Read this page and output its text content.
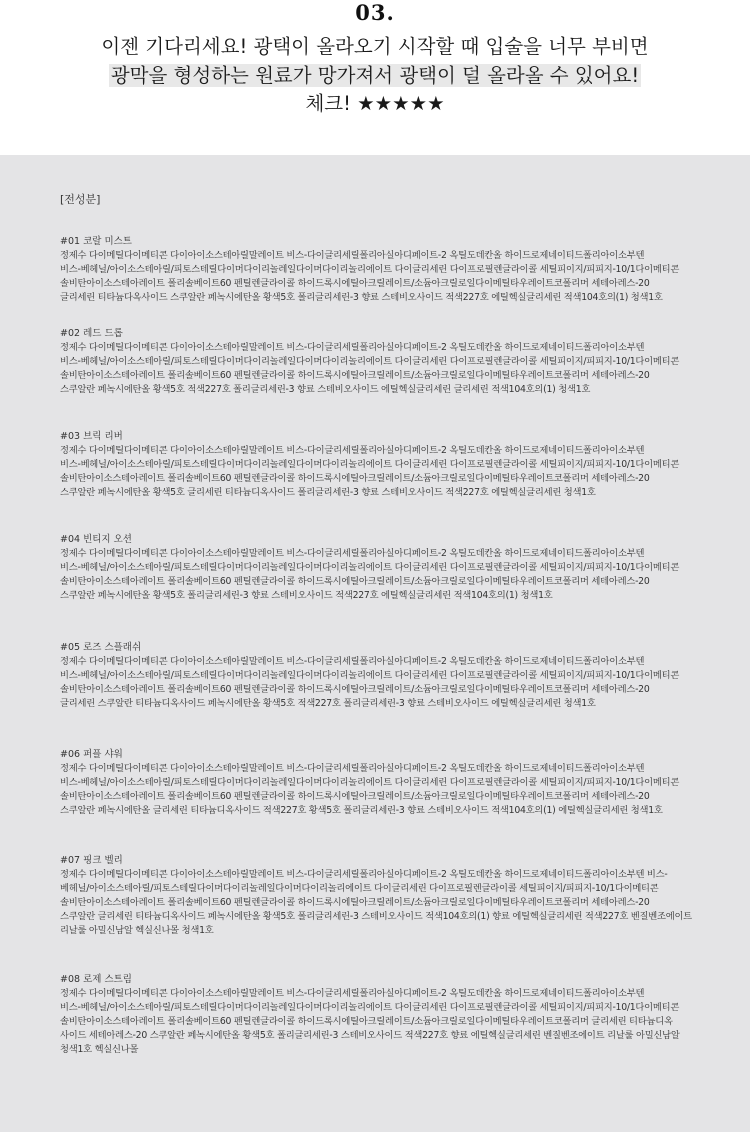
03.
이젠 기다리세요! 광택이 올라오기 시작할 때 입술을 너무 부비면
광막을 형성하는 원료가 망가져서 광택이 덜 올라올 수 있어요!
체크! ★★★★★
[전성분]
#01 코랄 미스트
정제수 다이메틸다이메티콘 다이아이소스테아릴말레이트 비스-다이글리세릴폴리아실아디페이트-2 옥틸도데칸올 하이드로제네이티드폴리아이소부텐
비스-베헤닐/아이소스테아릴/피토스테릴다이머다이리놀레일다이머다이리놀리에이트 다이글리세린 다이프로필렌글라이콜 세틸피이지/피피지-10/1다이메티콘
솔비탄아이소스테아레이트 폴리솔베이트60 펜틸렌글라이콜 하이드록시에틸아크릴레이트/소듐아크릴로일다이메틸타우레이트코폴리머 세테아레스-20
글리세린 티타늄다옥사이드 스쿠알란 페녹시에탄올 황색5호 폴리글리세린-3 향료 스테비오사이드 적색227호 에틸헥실글리세린 적색104호의(1) 청색1호
#02 레드 드롭
정제수 다이메틸다이메티콘 다이아이소스테아릴말레이트 비스-다이글리세릴폴리아실아디페이트-2 옥틸도데칸올 하이드로제네이티드폴리아이소부텐
비스-베헤닐/아이소스테아릴/피토스테릴다이머다이리놀레일다이머다이리놀리에이트 다이글리세린 다이프로필렌글라이콜 세틸피이지/피피지-10/1다이메티콘
솔비탄아이소스테아레이트 폴리솔베이트60 펜틸렌글라이콜 하이드록시에틸아크릴레이트/소듐아크릴로일다이메틸타우레이트코폴리머 세테아레스-20
스쿠알란 페녹시에탄올 황색5호 적색227호 폴리글리세린-3 향료 스테비오사이드 에틸헥실글리세린 글리세린 적색104호의(1) 청색1호
#03 브릭 리버
정제수 다이메틸다이메티콘 다이아이소스테아릴말레이트 비스-다이글리세릴폴리아실아디페이트-2 옥틸도데칸올 하이드로제네이티드폴리아이소부텐
비스-베헤닐/아이소스테아릴/피토스테릴다이머다이리놀레일다이머다이리놀리에이트 다이글리세린 다이프로필렌글라이콜 세틸피이지/피피지-10/1다이메티콘
솔비탄아이소스테아레이트 폴리솔베이트60 펜틸렌글라이콜 하이드록시에틸아크릴레이트/소듐아크릴로일다이메틸타우레이트코폴리머 세테아레스-20
스쿠알란 페녹시에탄올 황색5호 글리세린 티타늄디옥사이드 폴리글리세린-3 향료 스테비오사이드 적색227호 에틸헥실글리세린 청색1호
#04 빈티지 오션
정제수 다이메틸다이메티콘 다이아이소스테아릴말레이트 비스-다이글리세릴폴리아실아디페이트-2 옥틸도데칸올 하이드로제네이티드폴리아이소부텐
비스-베헤닐/아이소스테아릴/피토스테릴다이머다이리놀레일다이머다이리놀리에이트 다이글리세린 다이프로필렌글라이콜 세틸피이지/피피지-10/1다이메티콘
솔비탄아이소스테아레이트 폴리솔베이트60 펜틸렌글라이콜 하이드록시에틸아크릴레이트/소듐아크릴로일다이메틸타우레이트코폴리머 세테아레스-20
스쿠알란 페녹시에탄올 황색5호 폴리글리세린-3 향료 스테비오사이드 적색227호 에틸헥실글리세린 적색104호의(1) 청색1호
#05 로즈 스플래쉬
정제수 다이메틸다이메티콘 다이아이소스테아릴말레이트 비스-다이글리세릴폴리아실아디페이트-2 옥틸도데칸올 하이드로제네이티드폴리아이소부텐
비스-베헤닐/아이소스테아릴/피토스테릴다이머다이리놀레일다이머다이리놀리에이트 다이글리세린 다이프로필렌글라이콜 세틸피이지/피피지-10/1다이메티콘
솔비탄아이소스테아레이트 폴리솔베이트60 펜틸렌글라이콜 하이드록시에틸아크릴레이트/소듐아크릴로일다이메틸타우레이트코폴리머 세테아레스-20
글리세린 스쿠알란 티타늄디옥사이드 페녹시에탄올 황색5호 적색227호 폴리글리세린-3 향료 스테비오사이드 에틸헥실글리세린 청색1호
#06 퍼플 샤워
정제수 다이메틸다이메티콘 다이아이소스테아릴말레이트 비스-다이글리세릴폴리아실아디페이트-2 옥틸도데칸올 하이드로제네이티드폴리아이소부텐
비스-베헤닐/아이소스테아릴/피토스테릴다이머다이리놀레일다이머다이리놀리에이트 다이글리세린 다이프로필렌글라이콜 세틸피이지/피피지-10/1다이메티콘
솔비탄아이소스테아레이트 폴리솔베이트60 펜틸렌글라이콜 하이드록시에틸아크릴레이트/소듐아크릴로일다이메틸타우레이트코폴리머 세테아레스-20
스쿠알란 페녹시에탄올 글리세린 티타늄디옥사이드 적색227호 황색5호 폴리글리세린-3 향료 스테비오사이드 적색104호의(1) 에틸헥실글리세린 청색1호
#07 핑크 벨리
정제수 다이메틸다이메티콘 다이아이소스테아릴말레이트 비스-다이글리세릴폴리아실아디페이트-2 옥틸도데칸올 하이드로제네이티드폴리아이소부텐 비스-
베헤닐/아이소스테아릴/피토스테릴다이머다이리놀레일다이머다이리놀리에이트 다이글리세린 다이프로필렌글라이콜 세틸피이지/피피지-10/1다이메티콘
솔비탄아이소스테아레이트 폴리솔베이트60 펜틸렌글라이콜 하이드록시에틸아크릴레이트/소듐아크릴로일다이메틸타우레이트코폴리머 세테아레스-20
스쿠알란 글리세린 티타늄디옥사이드 페녹시에탄올 황색5호 폴리글리세린-3 스테비오사이드 적색104호의(1) 향료 에틸헥실글리세린 적색227호 벤질벤조에이트
리날룰 아밀신남알 헥실신나몰 청색1호
#08 로제 스트림
정제수 다이메틸다이메티콘 다이아이소스테아릴말레이트 비스-다이글리세릴폴리아실아디페이트-2 옥틸도데칸올 하이드로제네이티드폴리아이소부텐
비스-베헤닐/아이소스테아릴/피토스테릴다이머다이리놀레일다이머다이리놀리에이트 다이글리세린 다이프로필렌글라이콜 세틸피이지/피피지-10/1다이메티콘
솔비탄아이소스테아레이트 폴리솔베이트60 펜틸렌글라이콜 하이드록시에틸아크릴레이트/소듐아크릴로일다이메틸타우레이트코폴리머 글리세린 티타늄디옥
사이드 세테아레스-20 스쿠알란 페녹시에탄올 황색5호 폴리글리세린-3 스테비오사이드 적색227호 향료 에틸헥실글리세린 벤질벤조에이트 리날룰 아밀신남알
청색1호 헥실신나몰
